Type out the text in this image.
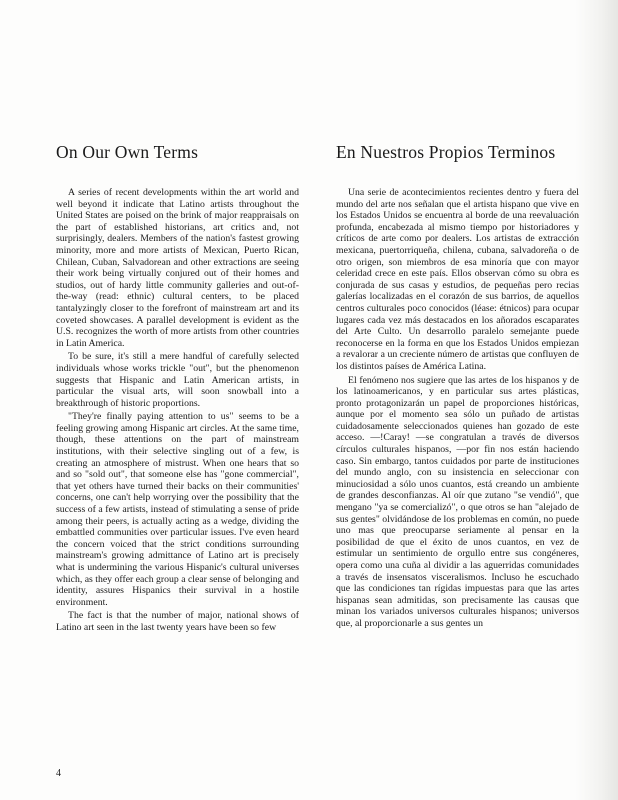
On Our Own Terms

A series of recent developments within the art world and well beyond it indicate that Latino artists throughout the United States are poised on the brink of major reappraisals on the part of established historians, art critics and, not surprisingly, dealers. Members of the nation's fastest growing minority, more and more artists of Mexican, Puerto Rican, Chilean, Cuban, Salvadorean and other extractions are seeing their work being virtually conjured out of their homes and studios, out of hardy little community galleries and out-of-the-way (read: ethnic) cultural centers, to be placed tantalyzingly closer to the forefront of mainstream art and its coveted showcases. A parallel development is evident as the U.S. recognizes the worth of more artists from other countries in Latin America.

To be sure, it's still a mere handful of carefully selected individuals whose works trickle "out", but the phenomenon suggests that Hispanic and Latin American artists, in particular the visual arts, will soon snowball into a breakthrough of historic proportions.

"They're finally paying attention to us" seems to be a feeling growing among Hispanic art circles. At the same time, though, these attentions on the part of mainstream institutions, with their selective singling out of a few, is creating an atmosphere of mistrust. When one hears that so and so "sold out", that someone else has "gone commercial", that yet others have turned their backs on their communities' concerns, one can't help worrying over the possibility that the success of a few artists, instead of stimulating a sense of pride among their peers, is actually acting as a wedge, dividing the embattled communities over particular issues. I've even heard the concern voiced that the strict conditions surrounding mainstream's growing admittance of Latino art is precisely what is undermining the various Hispanic's cultural universes which, as they offer each group a clear sense of belonging and identity, assures Hispanics their survival in a hostile environment.

The fact is that the number of major, national shows of Latino art seen in the last twenty years have been so few

En Nuestros Propios Terminos

Una serie de acontecimientos recientes dentro y fuera del mundo del arte nos señalan que el artista hispano que vive en los Estados Unidos se encuentra al borde de una reevaluación profunda, encabezada al mismo tiempo por historiadores y críticos de arte como por dealers. Los artistas de extracción mexicana, puertorriqueña, chilena, cubana, salvadoreña o de otro origen, son miembros de esa minoría que con mayor celeridad crece en este país. Ellos observan cómo su obra es conjurada de sus casas y estudios, de pequeñas pero recias galerías localizadas en el corazón de sus barrios, de aquellos centros culturales poco conocidos (léase: étnicos) para ocupar lugares cada vez más destacados en los añorados escaparates del Arte Culto. Un desarrollo paralelo semejante puede reconocerse en la forma en que los Estados Unidos empiezan a revalorar a un creciente número de artistas que confluyen de los distintos países de América Latina.

El fenómeno nos sugiere que las artes de los hispanos y de los latinoamericanos, y en particular sus artes plásticas, pronto protagonizarán un papel de proporciones históricas, aunque por el momento sea sólo un puñado de artistas cuidadosamente seleccionados quienes han gozado de este acceso. —!Caray! —se congratulan a través de diversos círculos culturales hispanos, —por fin nos están haciendo caso. Sin embargo, tantos cuidados por parte de instituciones del mundo anglo, con su insistencia en seleccionar con minuciosidad a sólo unos cuantos, está creando un ambiente de grandes desconfianzas. Al oír que zutano "se vendió", que mengano "ya se comercializó", o que otros se han "alejado de sus gentes" olvidándose de los problemas en común, no puede uno mas que preocuparse seriamente al pensar en la posibilidad de que el éxito de unos cuantos, en vez de estimular un sentimiento de orgullo entre sus congéneres, opera como una cuña al dividir a las aguerridas comunidades a través de insensatos visceralismos. Incluso he escuchado que las condiciones tan rígidas impuestas para que las artes hispanas sean admitidas, son precisamente las causas que minan los variados universos culturales hispanos; universos que, al proporcionarle a sus gentes un

4
